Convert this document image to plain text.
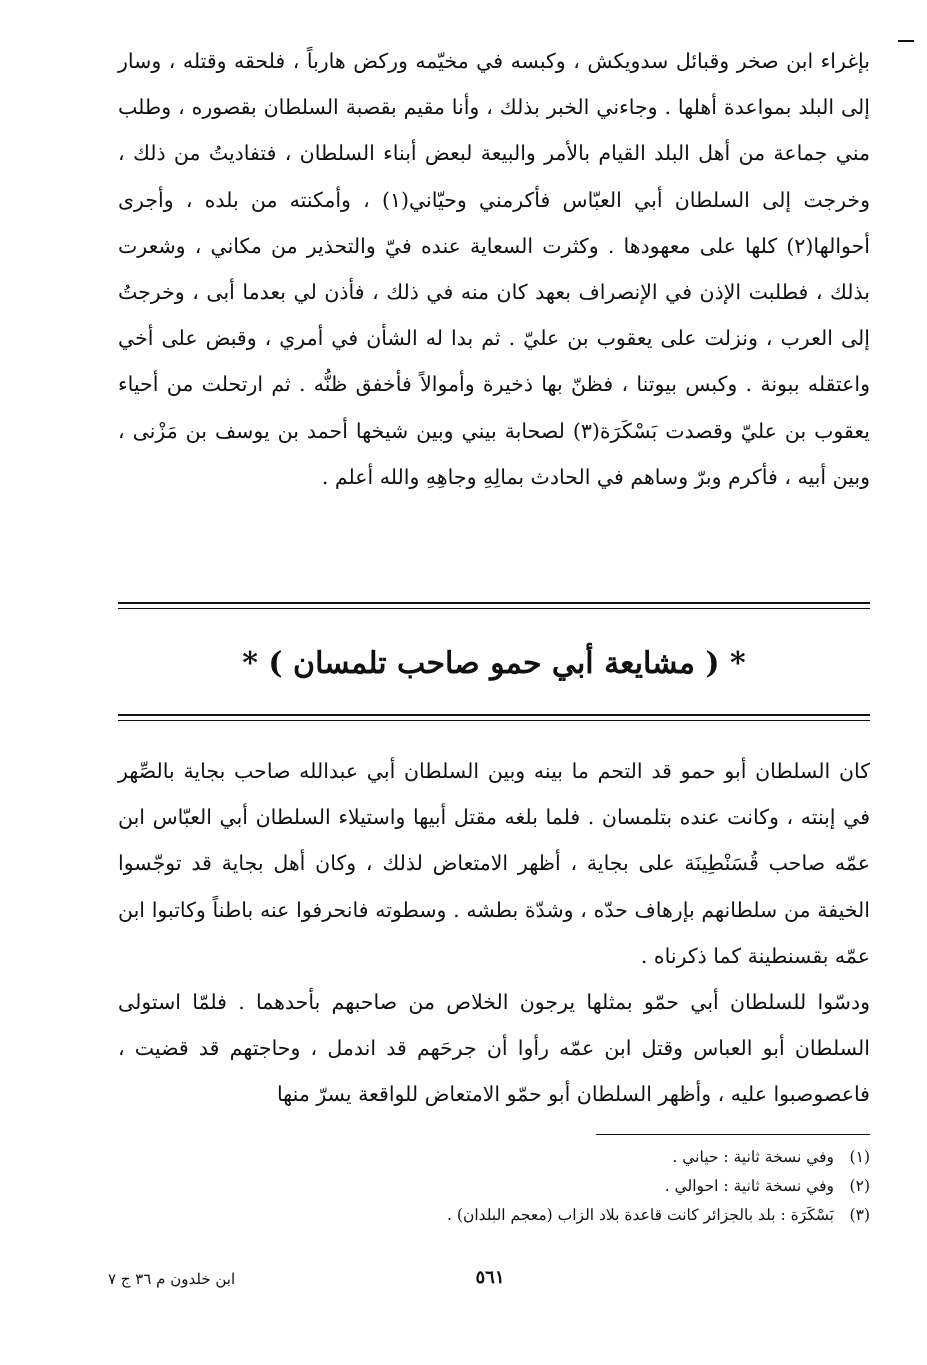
بإغراء ابن صخر وقبائل سدويكش ، وكبسه في مخيّمه وركض هارباً ، فلحقه وقتله ، وسار إلى البلد بمواعدة أهلها . وجاءني الخبر بذلك ، وأنا مقيم بقصبة السلطان بقصوره ، وطلب مني جماعة من أهل البلد القيام بالأمر والبيعة لبعض أبناء السلطان ، فتفاديتُ من ذلك ، وخرجت إلى السلطان أبي العبّاس فأكرمني وحيّاني(١) ، وأمكنته من بلده ، وأجرى أحوالها(٢) كلها على معهودها . وكثرت السعاية عنده فيّ والتحذير من مكاني ، وشعرت بذلك ، فطلبت الإذن في الإنصراف بعهد كان منه في ذلك ، فأذن لي بعدما أبى ، وخرجتُ إلى العرب ، ونزلت على يعقوب بن عليّ . ثم بدا له الشأن في أمري ، وقبض على أخي واعتقله ببونة . وكبس بيوتنا ، فظنّ بها ذخيرة وأموالاً فأخفق ظنُّه . ثم ارتحلت من أحياء يعقوب بن عليّ وقصدت بَسْكَرَة(٣) لصحابة بيني وبين شيخها أحمد بن يوسف بن مَزْنى ، وبين أبيه ، فأكرم وبرّ وساهم في الحادث بمالِهِ وجاهِهِ والله أعلم .

* ( مشايعة أبي حمو صاحب تلمسان ) *

كان السلطان أبو حمو قد التحم ما بينه وبين السلطان أبي عبدالله صاحب بجاية بالصِّهر في إبنته ، وكانت عنده بتلمسان . فلما بلغه مقتل أبيها واستيلاء السلطان أبي العبّاس ابن عمّه صاحب قُسَنْطِينَة على بجاية ، أظهر الامتعاض لذلك ، وكان أهل بجاية قد توجّسوا الخيفة من سلطانهم بإرهاف حدّه ، وشدّة بطشه . وسطوته فانحرفوا عنه باطناً وكاتبوا ابن عمّه بقسنطينة كما ذكرناه .

ودسّوا للسلطان أبي حمّو بمثلها يرجون الخلاص من صاحبهم بأحدهما . فلمّا استولى السلطان أبو العباس وقتل ابن عمّه رأوا أن جرحَهم قد اندمل ، وحاجتهم قد قضيت ، فاعصوصبوا عليه ، وأظهر السلطان أبو حمّو الامتعاض للواقعة يسرّ منها

(١)وفي نسخة ثانية : حياني .
(٢)وفي نسخة ثانية : احوالي .
(٣)بَسْكَرَة : بلد بالجزائر كانت قاعدة بلاد الزاب (معجم البلدان) .
٥٦١
ابن خلدون م ٣٦ ج ٧
